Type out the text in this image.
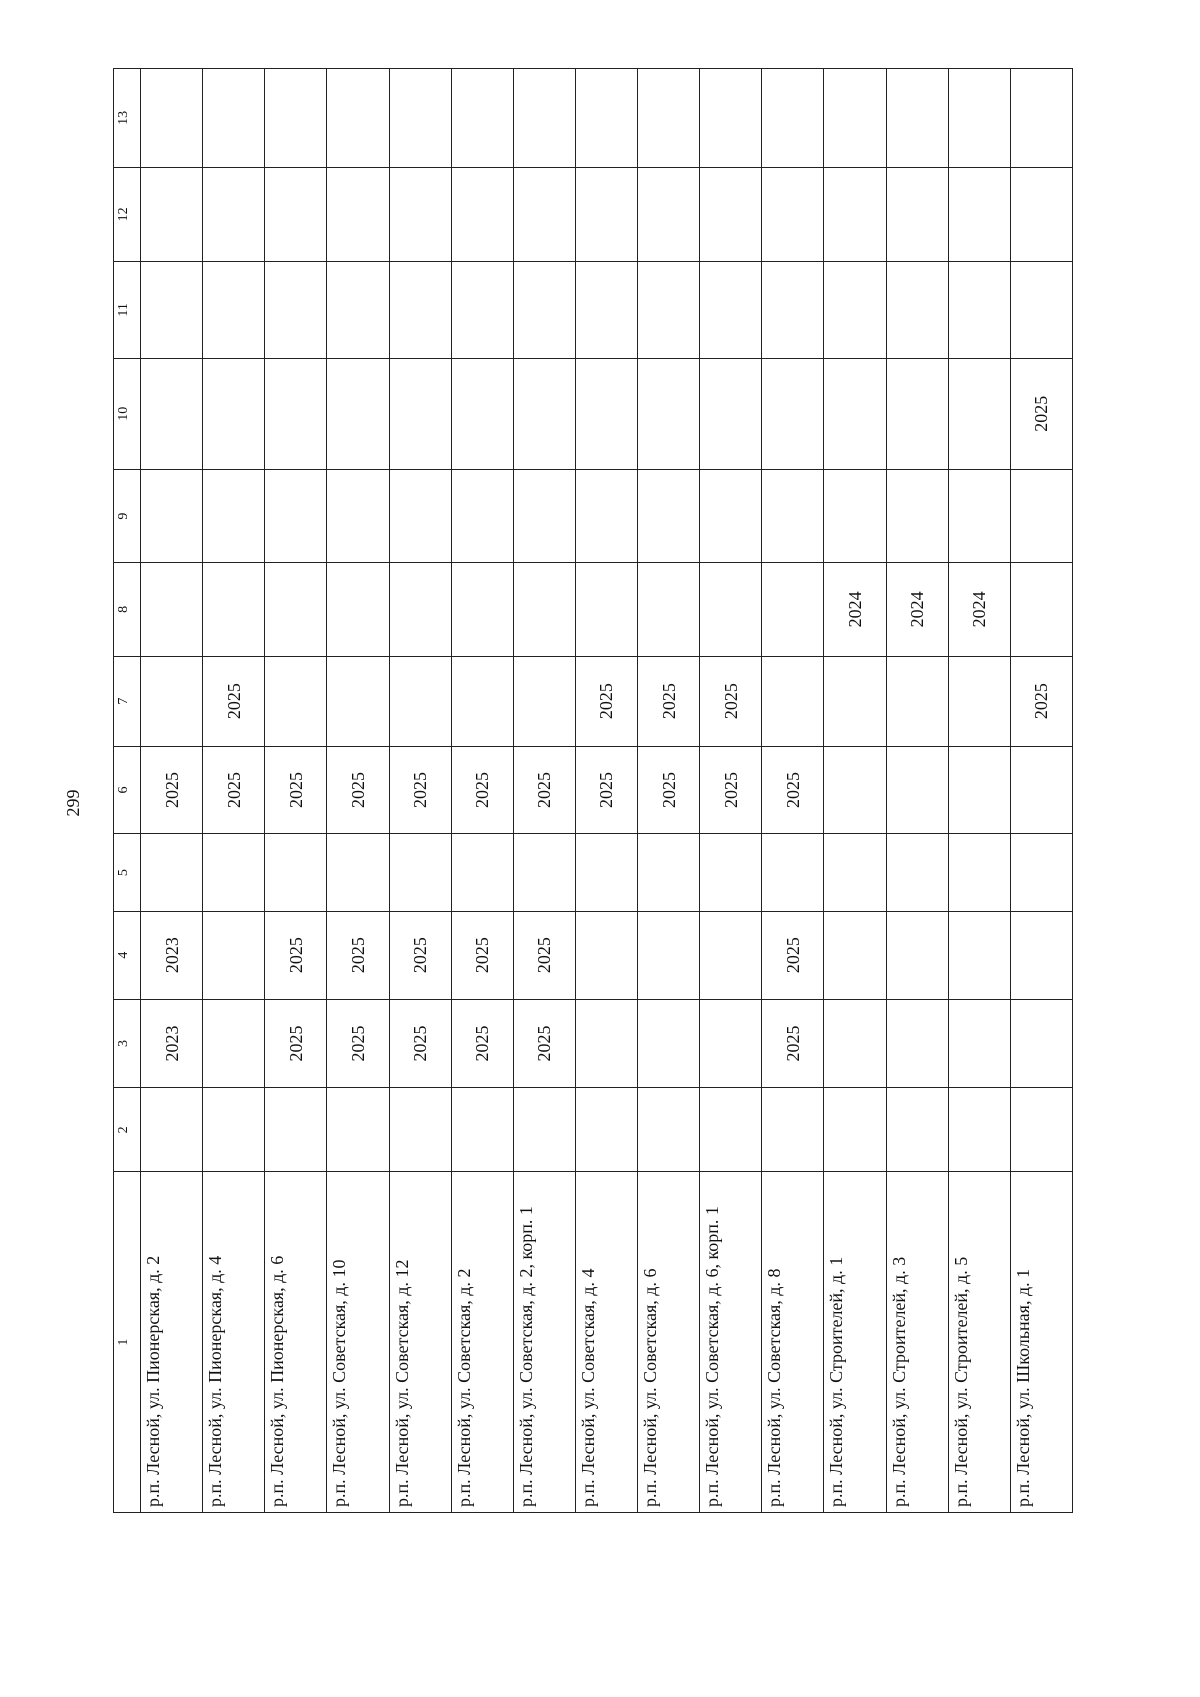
299
1	2	3	4	5	6	7	8	9	10	11	12	13
р.п. Лесной, ул. Пионерская, д. 2		2023	2023		2025							
р.п. Лесной, ул. Пионерская, д. 4					2025	2025						
р.п. Лесной, ул. Пионерская, д. 6		2025	2025		2025							
р.п. Лесной, ул. Советская, д. 10		2025	2025		2025							
р.п. Лесной, ул. Советская, д. 12		2025	2025		2025							
р.п. Лесной, ул. Советская, д. 2		2025	2025		2025							
р.п. Лесной, ул. Советская, д. 2, корп. 1		2025	2025		2025							
р.п. Лесной, ул. Советская, д. 4					2025	2025						
р.п. Лесной, ул. Советская, д. 6					2025	2025						
р.п. Лесной, ул. Советская, д. 6, корп. 1					2025	2025						
р.п. Лесной, ул. Советская, д. 8		2025	2025		2025							
р.п. Лесной, ул. Строителей, д. 1							2024					
р.п. Лесной, ул. Строителей, д. 3							2024					
р.п. Лесной, ул. Строителей, д. 5							2024					
р.п. Лесной, ул. Школьная, д. 1						2025			2025			
